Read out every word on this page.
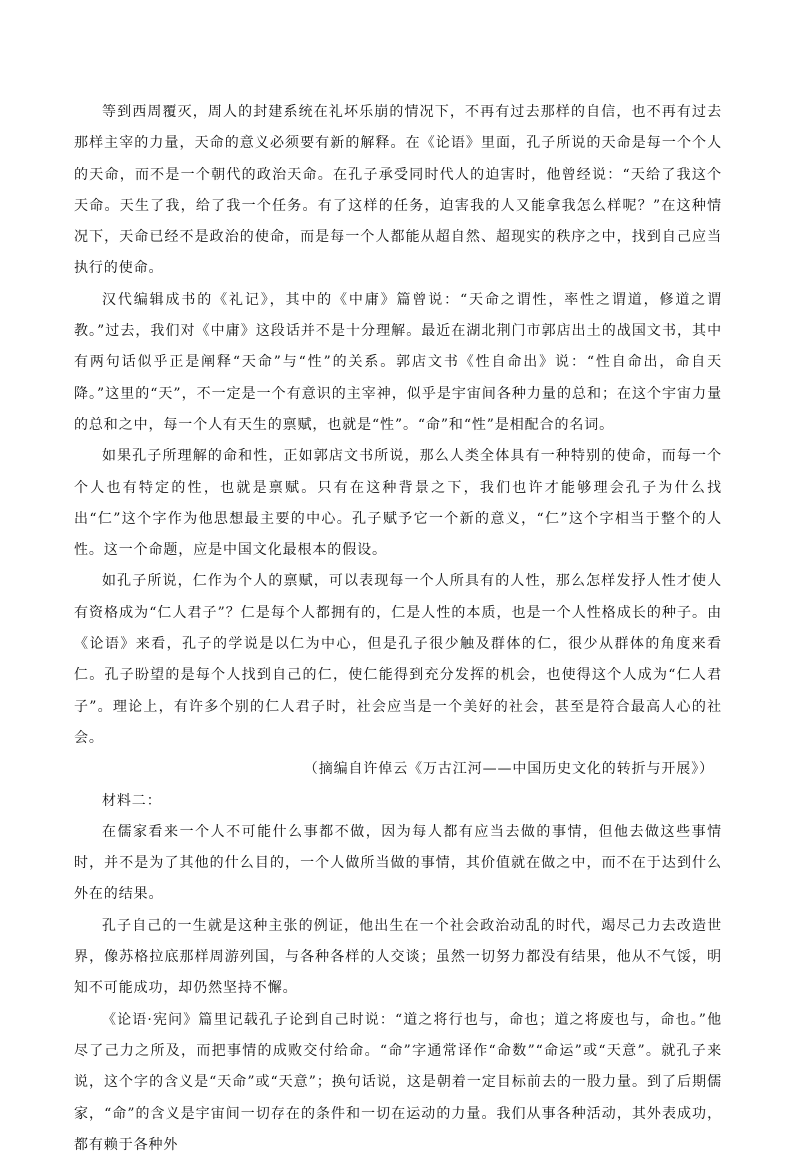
等到西周覆灭，周人的封建系统在礼坏乐崩的情况下，不再有过去那样的自信，也不再有过去那样主宰的力量，天命的意义必须要有新的解释。在《论语》里面，孔子所说的天命是每一个个人的天命，而不是一个朝代的政治天命。在孔子承受同时代人的迫害时，他曾经说：“天给了我这个天命。天生了我，给了我一个任务。有了这样的任务，迫害我的人又能拿我怎么样呢？”在这种情况下，天命已经不是政治的使命，而是每一个人都能从超自然、超现实的秩序之中，找到自己应当执行的使命。

汉代编辑成书的《礼记》，其中的《中庸》篇曾说：“天命之谓性，率性之谓道，修道之谓教。”过去，我们对《中庸》这段话并不是十分理解。最近在湖北荆门市郭店出土的战国文书，其中有两句话似乎正是阐释“天命”与“性”的关系。郭店文书《性自命出》说：“性自命出，命自天降。”这里的“天”，不一定是一个有意识的主宰神，似乎是宇宙间各种力量的总和；在这个宇宙力量的总和之中，每一个人有天生的禀赋，也就是“性”。“命”和“性”是相配合的名词。

如果孔子所理解的命和性，正如郭店文书所说，那么人类全体具有一种特别的使命，而每一个个人也有特定的性，也就是禀赋。只有在这种背景之下，我们也许才能够理会孔子为什么找出“仁”这个字作为他思想最主要的中心。孔子赋予它一个新的意义，“仁”这个字相当于整个的人性。这一个命题，应是中国文化最根本的假设。

如孔子所说，仁作为个人的禀赋，可以表现每一个人所具有的人性，那么怎样发抒人性才使人有资格成为“仁人君子”？仁是每个人都拥有的，仁是人性的本质，也是一个人性格成长的种子。由《论语》来看，孔子的学说是以仁为中心，但是孔子很少触及群体的仁，很少从群体的角度来看仁。孔子盼望的是每个人找到自己的仁，使仁能得到充分发挥的机会，也使得这个人成为“仁人君子”。理论上，有许多个别的仁人君子时，社会应当是一个美好的社会，甚至是符合最高人心的社会。

（摘编自许倬云《万古江河——中国历史文化的转折与开展》）

材料二：

在儒家看来一个人不可能什么事都不做，因为每人都有应当去做的事情，但他去做这些事情时，并不是为了其他的什么目的，一个人做所当做的事情，其价值就在做之中，而不在于达到什么外在的结果。

孔子自己的一生就是这种主张的例证，他出生在一个社会政治动乱的时代，竭尽己力去改造世界，像苏格拉底那样周游列国，与各种各样的人交谈；虽然一切努力都没有结果，他从不气馁，明知不可能成功，却仍然坚持不懈。

《论语·宪问》篇里记载孔子论到自己时说：“道之将行也与，命也；道之将废也与，命也。”他尽了己力之所及，而把事情的成败交付给命。“命”字通常译作“命数”“命运”或“天意”。就孔子来说，这个字的含义是“天命”或“天意”；换句话说，这是朝着一定目标前去的一股力量。到了后期儒家，“命”的含义是宇宙间一切存在的条件和一切在运动的力量。我们从事各种活动，其外表成功，都有赖于各种外
